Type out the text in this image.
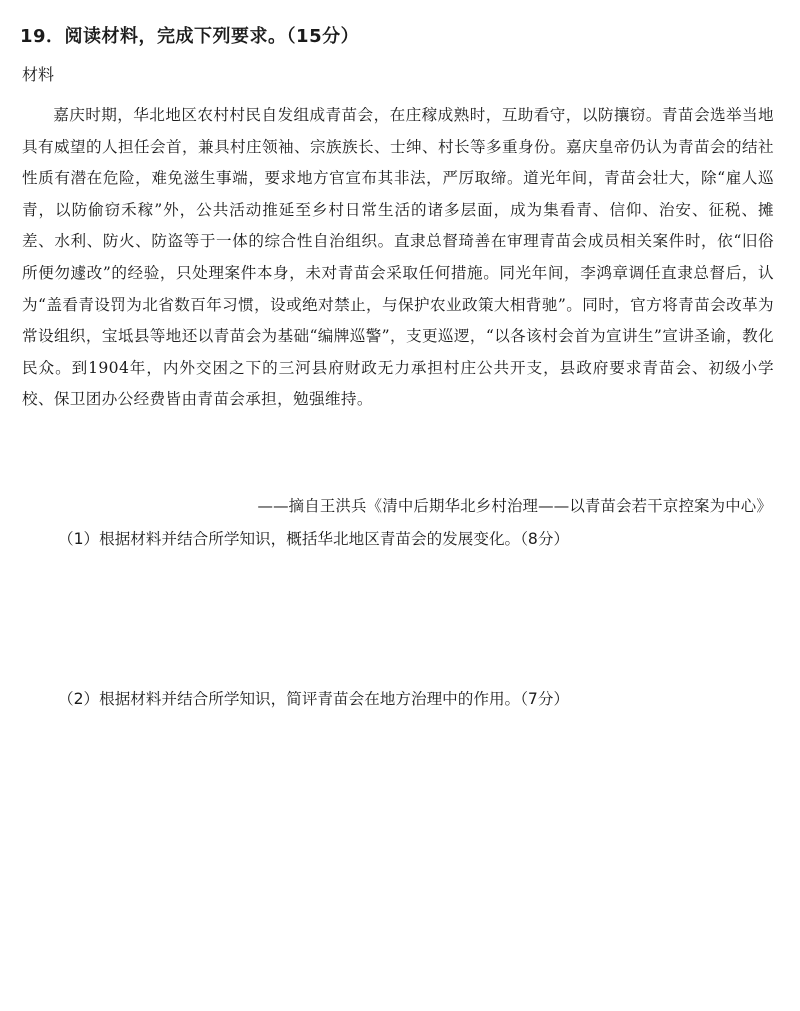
19．阅读材料，完成下列要求。（15分）
材料

嘉庆时期，华北地区农村村民自发组成青苗会，在庄稼成熟时，互助看守，以防攘窃。青苗会选举当地具有威望的人担任会首，兼具村庄领袖、宗族族长、士绅、村长等多重身份。嘉庆皇帝仍认为青苗会的结社性质有潜在危险，难免滋生事端，要求地方官宣布其非法，严厉取缔。道光年间，青苗会壮大，除“雇人巡青，以防偷窃禾稼”外，公共活动推延至乡村日常生活的诸多层面，成为集看青、信仰、治安、征税、摊差、水利、防火、防盗等于一体的综合性自治组织。直隶总督琦善在审理青苗会成员相关案件时，依“旧俗所便勿遽改”的经验，只处理案件本身，未对青苗会采取任何措施。同光年间，李鸿章调任直隶总督后，认为“盖看青设罚为北省数百年习惯，设或绝对禁止，与保护农业政策大相背驰”。同时，官方将青苗会改革为常设组织，宝坻县等地还以青苗会为基础“编牌巡警”，支更巡逻，“以各该村会首为宣讲生”宣讲圣谕，教化民众。到1904年，内外交困之下的三河县府财政无力承担村庄公共开支，县政府要求青苗会、初级小学校、保卫团办公经费皆由青苗会承担，勉强维持。

——摘自王洪兵《清中后期华北乡村治理——以青苗会若干京控案为中心》
（1）根据材料并结合所学知识，概括华北地区青苗会的发展变化。（8分）
（2）根据材料并结合所学知识，简评青苗会在地方治理中的作用。（7分）
